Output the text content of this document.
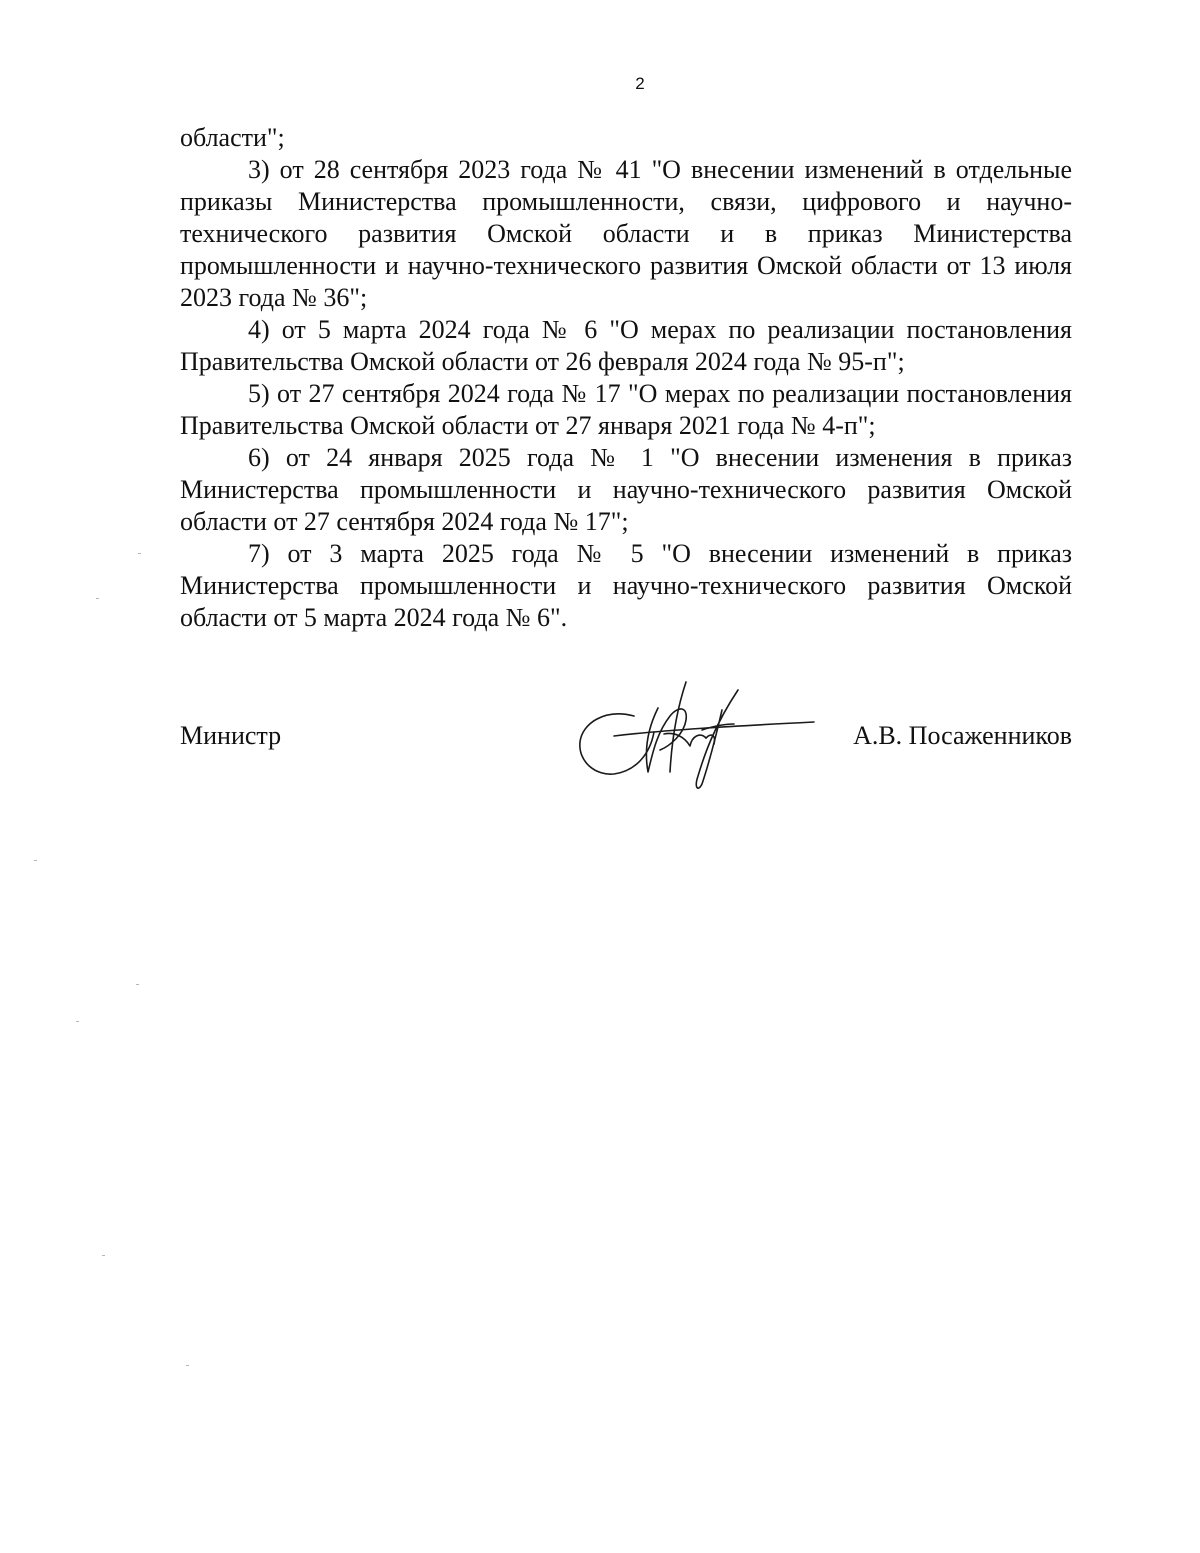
2

области";

3) от 28 сентября 2023 года № 41 "О внесении изменений в отдельные приказы Министерства промышленности, связи, цифрового и научно-технического развития Омской области и в приказ Министерства промышленности и научно-технического развития Омской области от 13 июля 2023 года № 36";

4) от 5 марта 2024 года № 6 "О мерах по реализации постановления Правительства Омской области от 26 февраля 2024 года № 95-п";

5) от 27 сентября 2024 года № 17 "О мерах по реализации постановления Правительства Омской области от 27 января 2021 года № 4-п";

6) от 24 января 2025 года № 1 "О внесении изменения в приказ Министерства промышленности и научно-технического развития Омской области от 27 сентября 2024 года № 17";

7) от 3 марта 2025 года № 5 "О внесении изменений в приказ Министерства промышленности и научно-технического развития Омской области от 5 марта 2024 года № 6".

Министр	А.В. Посаженников
